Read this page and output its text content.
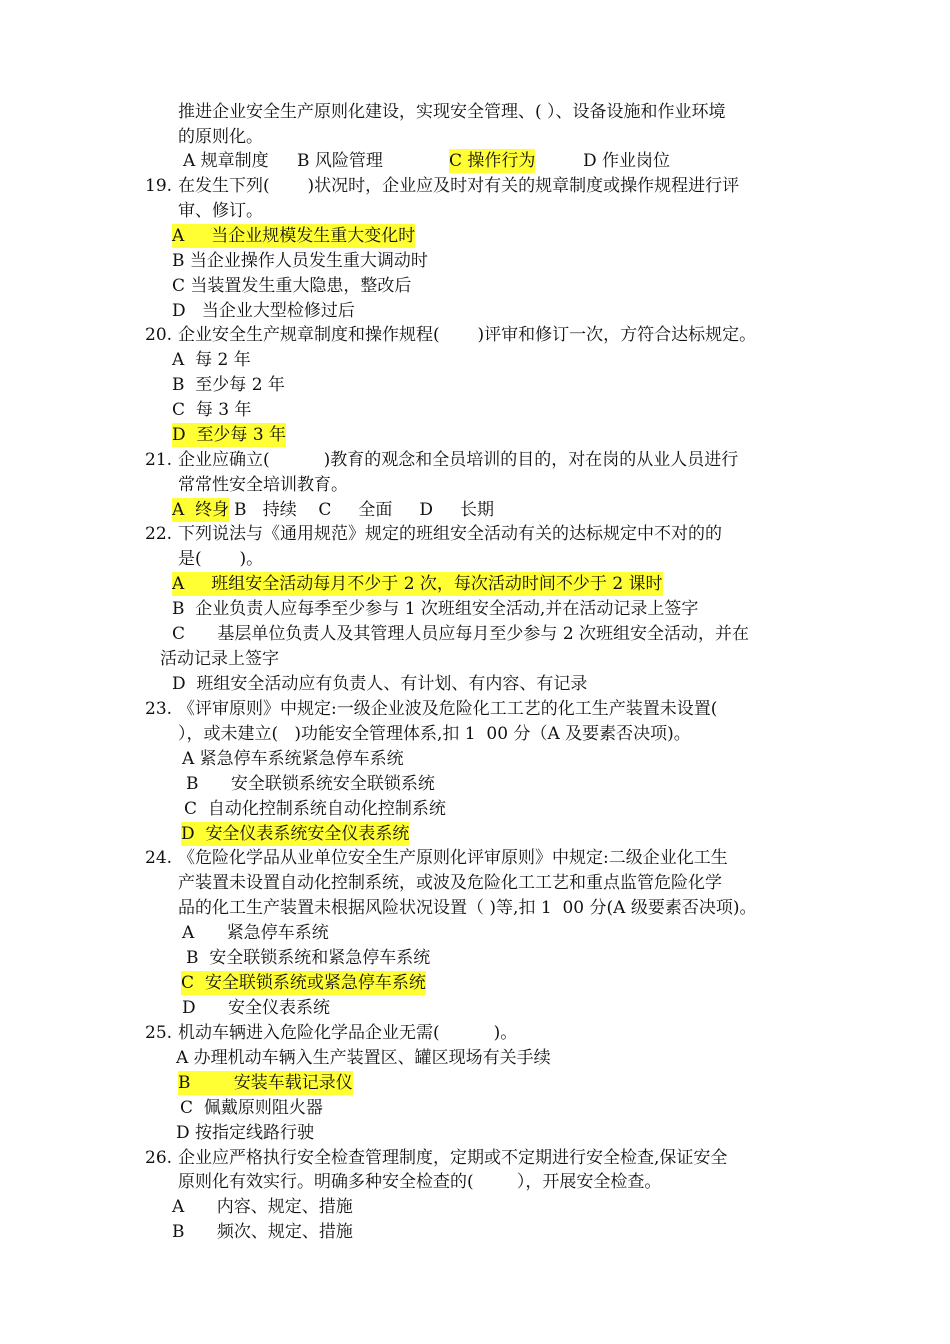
推进企业安全生产原则化建设，实现安全管理、( ）、设备设施和作业环境
的原则化。
A 规章制度 B 风险管理	C 操作行为	D 作业岗位
19. 在发生下列(       )状况时，企业应及时对有关的规章制度或操作规程进行评
审、修订。
A     当企业规模发生重大变化时
B 当企业操作人员发生重大调动时
C 当装置发生重大隐患，整改后
D   当企业大型检修过后
20. 企业安全生产规章制度和操作规程(       )评审和修订一次，方符合达标规定。
A  每 2 年
B  至少每 2 年
C  每 3 年
D  至少每 3 年
21. 企业应确立(          )教育的观念和全员培训的目的，对在岗的从业人员进行
常常性安全培训教育。
A  终身 B   持续    C     全面     D     长期
22. 下列说法与《通用规范》规定的班组安全活动有关的达标规定中不对的的
是(       )。
A     班组安全活动每月不少于 2 次，每次活动时间不少于 2 课时
B  企业负责人应每季至少参与 1 次班组安全活动,并在活动记录上签字
C      基层单位负责人及其管理人员应每月至少参与 2 次班组安全活动，并在
活动记录上签字
D  班组安全活动应有负责人、有计划、有内容、有记录
23. 《评审原则》中规定:一级企业波及危险化工工艺的化工生产装置未设置(
），或未建立(   )功能安全管理体系,扣 1  00 分（A 及要素否决项)。
A 紧急停车系统紧急停车系统
B      安全联锁系统安全联锁系统
C  自动化控制系统自动化控制系统
D  安全仪表系统安全仪表系统
24. 《危险化学品从业单位安全生产原则化评审原则》中规定:二级企业化工生
产装置未设置自动化控制系统，或波及危险化工工艺和重点监管危险化学
品的化工生产装置未根据风险状况设置（ )等,扣 1  00 分(A 级要素否决项)。
A      紧急停车系统
B  安全联锁系统和紧急停车系统
C  安全联锁系统或紧急停车系统
D      安全仪表系统
25. 机动车辆进入危险化学品企业无需(          )。
A 办理机动车辆入生产装置区、罐区现场有关手续
B        安装车载记录仪
C  佩戴原则阻火器
D 按指定线路行驶
26. 企业应严格执行安全检查管理制度，定期或不定期进行安全检查,保证安全
原则化有效实行。明确多种安全检查的(        ），开展安全检查。
A      内容、规定、措施
B      频次、规定、措施
